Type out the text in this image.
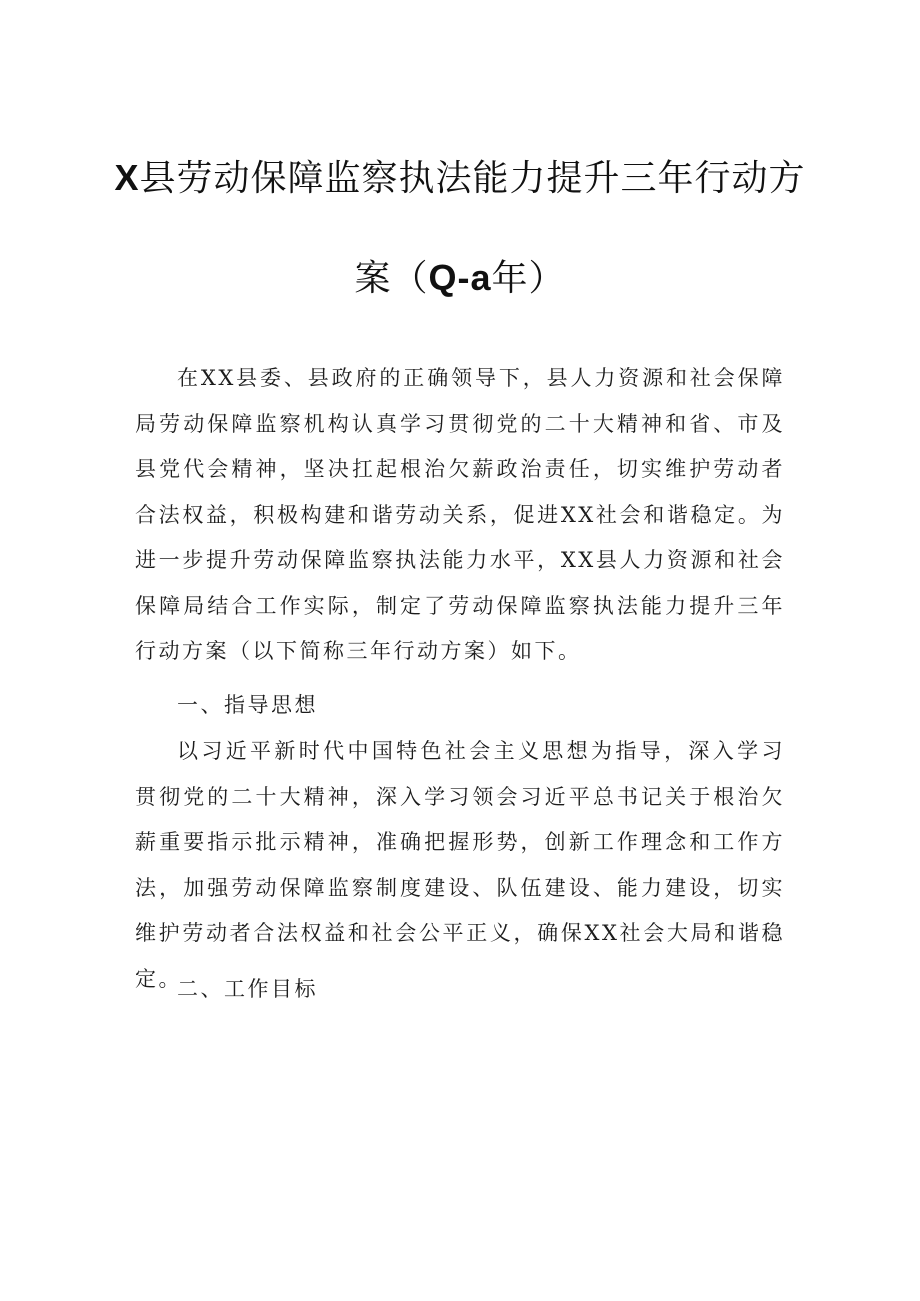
X县劳动保障监察执法能力提升三年行动方
案（Q-a年）

在XX县委、县政府的正确领导下，县人力资源和社会保障局劳动保障监察机构认真学习贯彻党的二十大精神和省、市及县党代会精神，坚决扛起根治欠薪政治责任，切实维护劳动者合法权益，积极构建和谐劳动关系，促进XX社会和谐稳定。为进一步提升劳动保障监察执法能力水平，XX县人力资源和社会保障局结合工作实际，制定了劳动保障监察执法能力提升三年行动方案（以下简称三年行动方案）如下。

一、指导思想

以习近平新时代中国特色社会主义思想为指导，深入学习贯彻党的二十大精神，深入学习领会习近平总书记关于根治欠薪重要指示批示精神，准确把握形势，创新工作理念和工作方法，加强劳动保障监察制度建设、队伍建设、能力建设，切实维护劳动者合法权益和社会公平正义，确保XX社会大局和谐稳定。

二、工作目标
